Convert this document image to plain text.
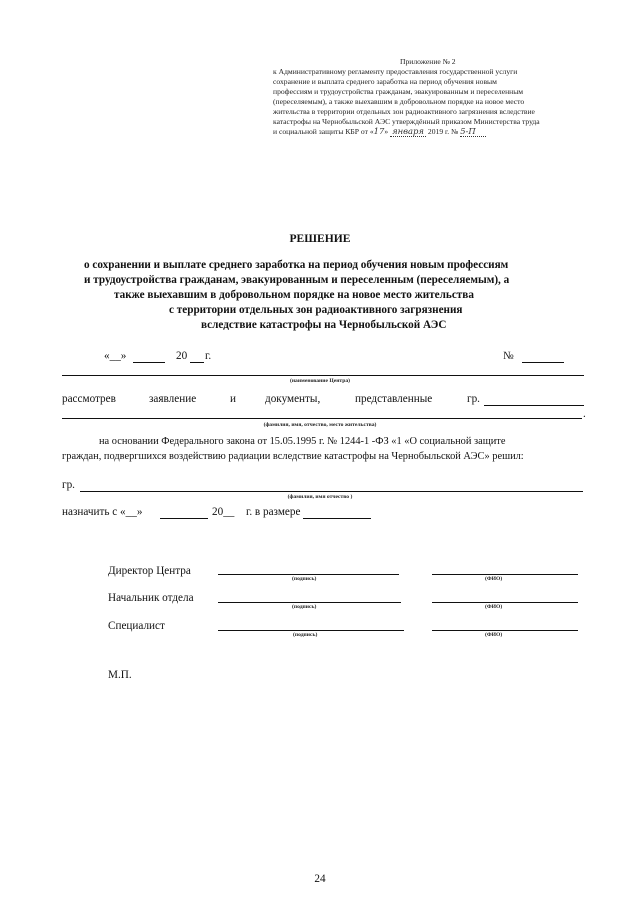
Приложение № 2
к Административному регламенту предоставления государственной услуги
сохранение и выплата среднего заработка на период обучения новым
профессиям и трудоустройства гражданам, эвакуированным и переселенным
(переселяемым), а также выехавшим в добровольном порядке на новое место
жительства в территории отдельных зон радиоактивного загрязнения вследствие
катастрофы на Чернобыльской АЭС утверждённый приказом Министерства труда
и социальной защиты КБР от «17» января 2019 г. № 5-П
РЕШЕНИЕ
о сохранении и выплате среднего заработка на период обучения новым профессиям
и трудоустройства гражданам, эвакуированным и переселенным (переселяемым), а
также выехавшим в добровольном порядке на новое место жительства
с территории отдельных зон радиоактивного загрязнения
вследствие катастрофы на Чернобыльской АЭС
«__»	20 г.	№
(наименование Центра)
рассмотрев	заявление	и	документы,	представленные	гр.
.
(фамилия, имя, отчество, место жительства)
на основании Федерального закона от 15.05.1995 г. № 1244-1 -ФЗ «1 «О социальной защите
граждан, подвергшихся воздействию радиации вследствие катастрофы на Чернобыльской АЭС» решил:
гр.
(фамилия, имя отчество )
назначить с «__»	20__ г. в размере
Директор Центра
(подпись)	(ФИО)
Начальник отдела
(подпись)	(ФИО)
Специалист
(подпись)	(ФИО)
М.П.
24
